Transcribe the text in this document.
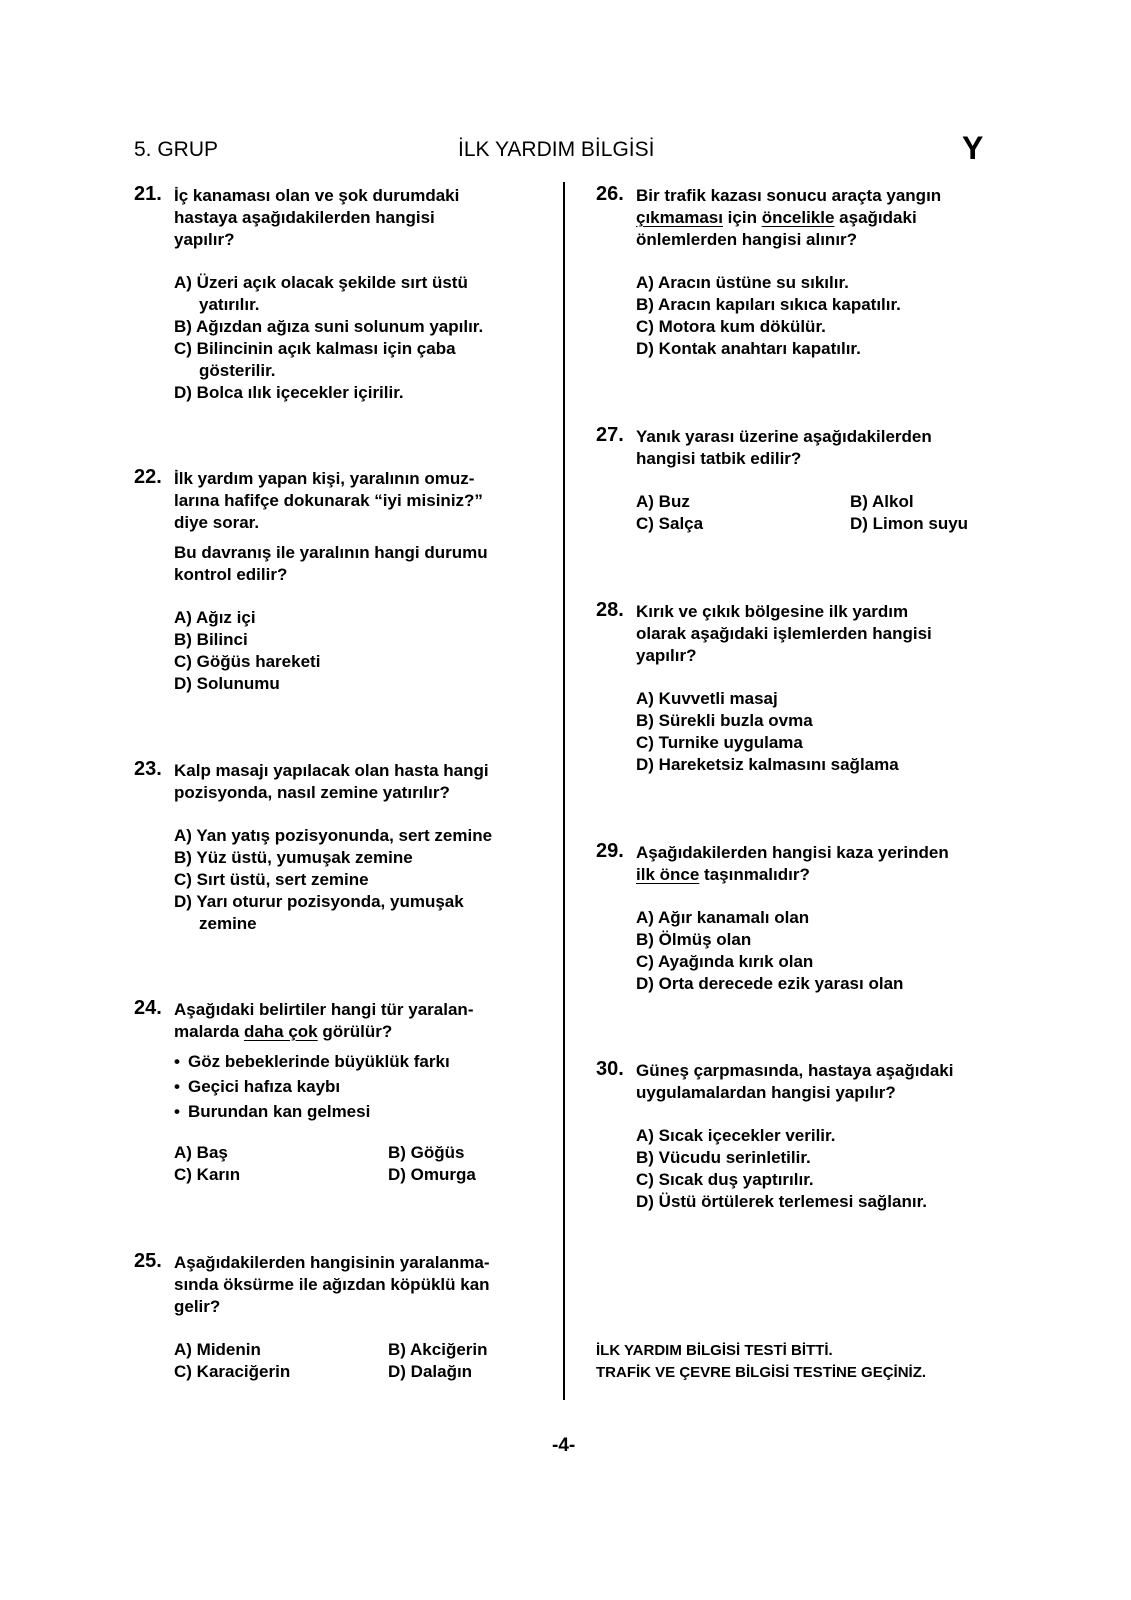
5. GRUP	İLK YARDIM BİLGİSİ	Y
21. İç kanaması olan ve şok durumdaki
hastaya aşağıdakilerden hangisi
yapılır?
A) Üzeri açık olacak şekilde sırt üstü
yatırılır.
B) Ağızdan ağıza suni solunum yapılır.
C) Bilincinin açık kalması için çaba
gösterilir.
D) Bolca ılık içecekler içirilir.
22. İlk yardım yapan kişi, yaralının omuz-
larına hafifçe dokunarak “iyi misiniz?”
diye sorar.
Bu davranış ile yaralının hangi durumu
kontrol edilir?
A) Ağız içi
B) Bilinci
C) Göğüs hareketi
D) Solunumu
23. Kalp masajı yapılacak olan hasta hangi
pozisyonda, nasıl zemine yatırılır?
A) Yan yatış pozisyonunda, sert zemine
B) Yüz üstü, yumuşak zemine
C) Sırt üstü, sert zemine
D) Yarı oturur pozisyonda, yumuşak
zemine
24. Aşağıdaki belirtiler hangi tür yaralan-
malarda daha çok görülür?
• Göz bebeklerinde büyüklük farkı
• Geçici hafıza kaybı
• Burundan kan gelmesi
A) Baş	B) Göğüs
C) Karın	D) Omurga
25. Aşağıdakilerden hangisinin yaralanma-
sında öksürme ile ağızdan köpüklü kan
gelir?
A) Midenin	B) Akciğerin
C) Karaciğerin	D) Dalağın
26. Bir trafik kazası sonucu araçta yangın
çıkmaması için öncelikle aşağıdaki
önlemlerden hangisi alınır?
A) Aracın üstüne su sıkılır.
B) Aracın kapıları sıkıca kapatılır.
C) Motora kum dökülür.
D) Kontak anahtarı kapatılır.
27. Yanık yarası üzerine aşağıdakilerden
hangisi tatbik edilir?
A) Buz	B) Alkol
C) Salça	D) Limon suyu
28. Kırık ve çıkık bölgesine ilk yardım
olarak aşağıdaki işlemlerden hangisi
yapılır?
A) Kuvvetli masaj
B) Sürekli buzla ovma
C) Turnike uygulama
D) Hareketsiz kalmasını sağlama
29. Aşağıdakilerden hangisi kaza yerinden
ilk önce taşınmalıdır?
A) Ağır kanamalı olan
B) Ölmüş olan
C) Ayağında kırık olan
D) Orta derecede ezik yarası olan
30. Güneş çarpmasında, hastaya aşağıdaki
uygulamalardan hangisi yapılır?
A) Sıcak içecekler verilir.
B) Vücudu serinletilir.
C) Sıcak duş yaptırılır.
D) Üstü örtülerek terlemesi sağlanır.
İLK YARDIM BİLGİSİ TESTİ BİTTİ.
TRAFİK VE ÇEVRE BİLGİSİ TESTİNE GEÇİNİZ.
-4-
